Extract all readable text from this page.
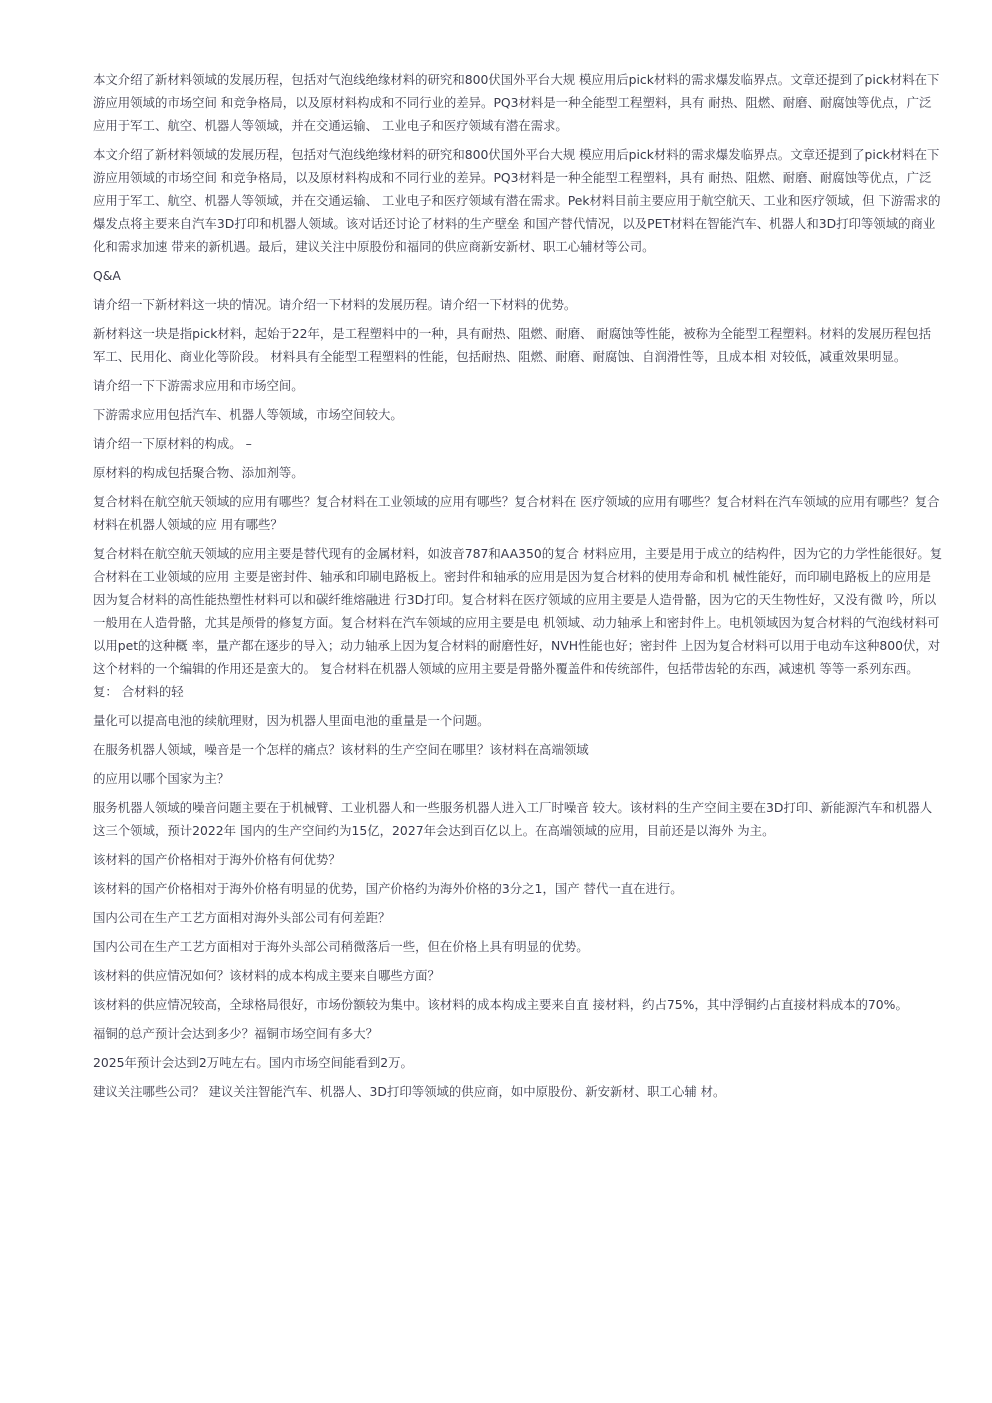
本文介绍了新材料领域的发展历程，包括对气泡线绝缘材料的研究和800伏国外平台大规 模应用后pick材料的需求爆发临界点。文章还提到了pick材料在下游应用领域的市场空间 和竞争格局，以及原材料构成和不同行业的差异。PQ3材料是一种全能型工程塑料，具有 耐热、阻燃、耐磨、耐腐蚀等优点，广泛应用于军工、航空、机器人等领域，并在交通运输、 工业电子和医疗领域有潜在需求。

本文介绍了新材料领域的发展历程，包括对气泡线绝缘材料的研究和800伏国外平台大规 模应用后pick材料的需求爆发临界点。文章还提到了pick材料在下游应用领域的市场空间 和竞争格局，以及原材料构成和不同行业的差异。PQ3材料是一种全能型工程塑料，具有 耐热、阻燃、耐磨、耐腐蚀等优点，广泛应用于军工、航空、机器人等领域，并在交通运输、 工业电子和医疗领域有潜在需求。Pek材料目前主要应用于航空航天、工业和医疗领域，但 下游需求的爆发点将主要来自汽车3D打印和机器人领域。该对话还讨论了材料的生产壁垒 和国产替代情况，以及PET材料在智能汽车、机器人和3D打印等领域的商业化和需求加速 带来的新机遇。最后，建议关注中原股份和福同的供应商新安新材、职工心辅材等公司。

Q&A

请介绍一下新材料这一块的情况。请介绍一下材料的发展历程。请介绍一下材料的优势。

新材料这一块是指pick材料，起始于22年，是工程塑料中的一种，具有耐热、阻燃、耐磨、 耐腐蚀等性能，被称为全能型工程塑料。材料的发展历程包括军工、民用化、商业化等阶段。 材料具有全能型工程塑料的性能，包括耐热、阻燃、耐磨、耐腐蚀、自润滑性等，且成本相 对较低，减重效果明显。

请介绍一下下游需求应用和市场空间。

下游需求应用包括汽车、机器人等领域，市场空间较大。

请介绍一下原材料的构成。 –

原材料的构成包括聚合物、添加剂等。

复合材料在航空航天领域的应用有哪些？复合材料在工业领域的应用有哪些？复合材料在 医疗领域的应用有哪些？复合材料在汽车领域的应用有哪些？复合材料在机器人领域的应 用有哪些？

复合材料在航空航天领域的应用主要是替代现有的金属材料，如波音787和AA350的复合 材料应用，主要是用于成立的结构件，因为它的力学性能很好。复合材料在工业领域的应用 主要是密封件、轴承和印刷电路板上。密封件和轴承的应用是因为复合材料的使用寿命和机 械性能好，而印刷电路板上的应用是因为复合材料的高性能热塑性材料可以和碳纤维熔融进 行3D打印。复合材料在医疗领域的应用主要是人造骨骼，因为它的天生物性好，又没有微 吟，所以一般用在人造骨骼，尤其是颅骨的修复方面。复合材料在汽车领域的应用主要是电 机领域、动力轴承上和密封件上。电机领域因为复合材料的气泡线材料可以用pet的这种概 率，量产都在逐步的导入；动力轴承上因为复合材料的耐磨性好，NVH性能也好；密封件 上因为复合材料可以用于电动车这种800伏，对这个材料的一个编辑的作用还是蛮大的。 复合材料在机器人领域的应用主要是骨骼外覆盖件和传统部件，包括带齿轮的东西，减速机 等等一系列东西。复： 合材料的轻

量化可以提高电池的续航理财，因为机器人里面电池的重量是一个问题。

在服务机器人领域，噪音是一个怎样的痛点？该材料的生产空间在哪里？该材料在高端领域

的应用以哪个国家为主？

服务机器人领域的噪音问题主要在于机械臂、工业机器人和一些服务机器人进入工厂时噪音 较大。该材料的生产空间主要在3D打印、新能源汽车和机器人这三个领域，预计2022年 国内的生产空间约为15亿，2027年会达到百亿以上。在高端领域的应用，目前还是以海外 为主。

该材料的国产价格相对于海外价格有何优势？

该材料的国产价格相对于海外价格有明显的优势，国产价格约为海外价格的3分之1，国产 替代一直在进行。

国内公司在生产工艺方面相对海外头部公司有何差距？

国内公司在生产工艺方面相对于海外头部公司稍微落后一些，但在价格上具有明显的优势。

该材料的供应情况如何？该材料的成本构成主要来自哪些方面？

该材料的供应情况较高，全球格局很好，市场份额较为集中。该材料的成本构成主要来自直 接材料，约占75%，其中浮铜约占直接材料成本的70%。

福铜的总产预计会达到多少？福铜市场空间有多大？

2025年预计会达到2万吨左右。国内市场空间能看到2万。

建议关注哪些公司？ 建议关注智能汽车、机器人、3D打印等领域的供应商，如中原股份、新安新材、职工心辅 材。
